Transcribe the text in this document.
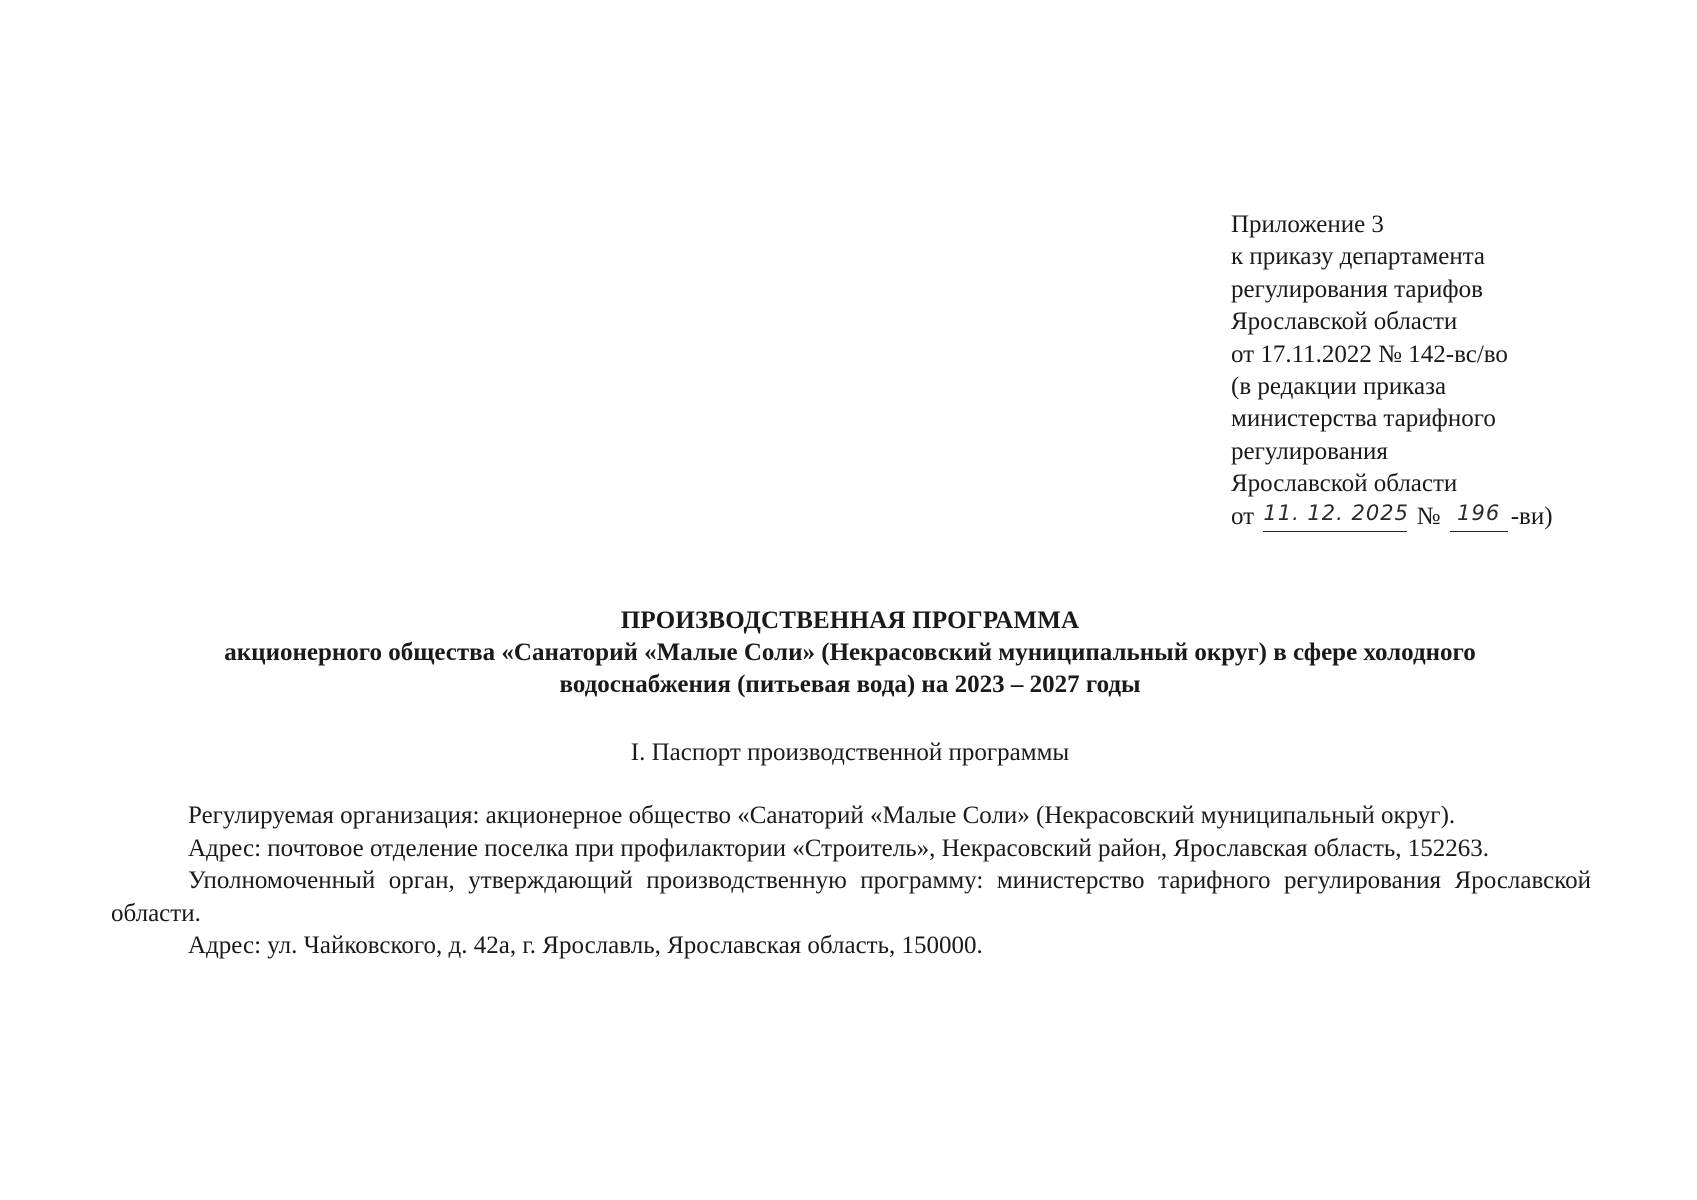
Приложение 3
к приказу департамента
регулирования тарифов
Ярославской области
от 17.11.2022 № 142-вс/во
(в редакции приказа
министерства тарифного
регулирования
Ярославской области
от 11. 12. 2025 № 196 -ви)
ПРОИЗВОДСТВЕННАЯ ПРОГРАММА
акционерного общества «Санаторий «Малые Соли» (Некрасовский муниципальный округ) в сфере холодного водоснабжения (питьевая вода) на 2023 – 2027 годы
I. Паспорт производственной программы

Регулируемая организация: акционерное общество «Санаторий «Малые Соли» (Некрасовский муниципальный округ).

Адрес: почтовое отделение поселка при профилактории «Строитель», Некрасовский район, Ярославская область, 152263.

Уполномоченный орган, утверждающий производственную программу: министерство тарифного регулирования Ярославской области.

Адрес: ул. Чайковского, д. 42а, г. Ярославль, Ярославская область, 150000.
